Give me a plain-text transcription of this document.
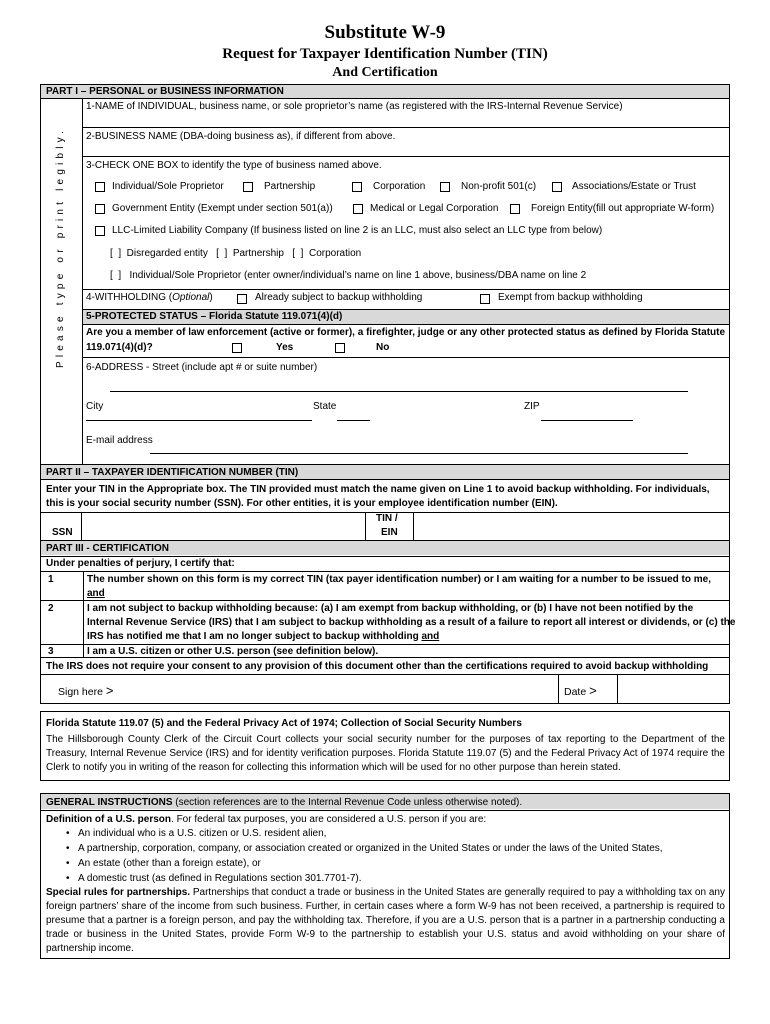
Substitute W-9
Request for Taxpayer Identification Number (TIN)
And Certification
PART I – PERSONAL or BUSINESS INFORMATION
Please type or print legibly.
1-NAME of INDIVIDUAL, business name, or sole proprietor’s name (as registered with the IRS-Internal Revenue Service)
2-BUSINESS NAME (DBA-doing business as), if different from above.
3-CHECK ONE BOX to identify the type of business named above.
Individual/Sole Proprietor	Partnership	Corporation	Non-profit 501(c)	Associations/Estate or Trust
Government Entity (Exempt under section 501(a))	Medical or Legal Corporation	Foreign Entity(fill out appropriate W-form)
LLC-Limited Liability Company (If business listed on line 2 is an LLC, must also select an LLC type from below)
[  ]  Disregarded entity   [  ]  Partnership   [  ]  Corporation
[  ]   Individual/Sole Proprietor (enter owner/individual’s name on line 1 above, business/DBA name on line 2
4-WITHHOLDING (Optional)	Already subject to backup withholding	Exempt from backup withholding
5-PROTECTED STATUS – Florida Statute 119.071(4)(d)
Are you a member of law enforcement (active or former), a firefighter, judge or any other protected status as defined by Florida Statute
119.071(4)(d)?	Yes	No
6-ADDRESS - Street (include apt # or suite number)
City	State	ZIP
E-mail address
PART II – TAXPAYER IDENTIFICATION NUMBER (TIN)
Enter your TIN in the Appropriate box. The TIN provided must match the name given on Line 1 to avoid backup withholding. For individuals,
this is your social security number (SSN). For other entities, it is your employee identification number (EIN).
SSN
TIN /
EIN
PART III - CERTIFICATION
Under penalties of perjury, I certify that:
1	The number shown on this form is my correct TIN (tax payer identification number) or I am waiting for a number to be issued to me,
and
2	I am not subject to backup withholding because: (a) I am exempt from backup withholding, or (b) I have not been notified by the
Internal Revenue Service (IRS) that I am subject to backup withholding as a result of a failure to report all interest or dividends, or (c) the
IRS has notified me that I am no longer subject to backup withholding and
3	I am a U.S. citizen or other U.S. person (see definition below).
The IRS does not require your consent to any provision of this document other than the certifications required to avoid backup withholding
Sign here >	Date >
Florida Statute 119.07 (5) and the Federal Privacy Act of 1974; Collection of Social Security Numbers
The Hillsborough County Clerk of the Circuit Court collects your social security number for the purposes of tax reporting to the Department of the Treasury, Internal Revenue Service (IRS) and for identity verification purposes. Florida Statute 119.07 (5) and the Federal Privacy Act of 1974 require the Clerk to notify you in writing of the reason for collecting this information which will be used for no other purpose than herein stated.
GENERAL INSTRUCTIONS (section references are to the Internal Revenue Code unless otherwise noted).
Definition of a U.S. person. For federal tax purposes, you are considered a U.S. person if you are:
• An individual who is a U.S. citizen or U.S. resident alien,
• A partnership, corporation, company, or association created or organized in the United States or under the laws of the United States,
• An estate (other than a foreign estate), or
• A domestic trust (as defined in Regulations section 301.7701-7).
Special rules for partnerships. Partnerships that conduct a trade or business in the United States are generally required to pay a withholding tax on any foreign partners’ share of the income from such business. Further, in certain cases where a form W-9 has not been received, a partnership is required to presume that a partner is a foreign person, and pay the withholding tax. Therefore, if you are a U.S. person that is a partner in a partnership conducting a trade or business in the United States, provide Form W-9 to the partnership to establish your U.S. status and avoid withholding on your share of partnership income.
